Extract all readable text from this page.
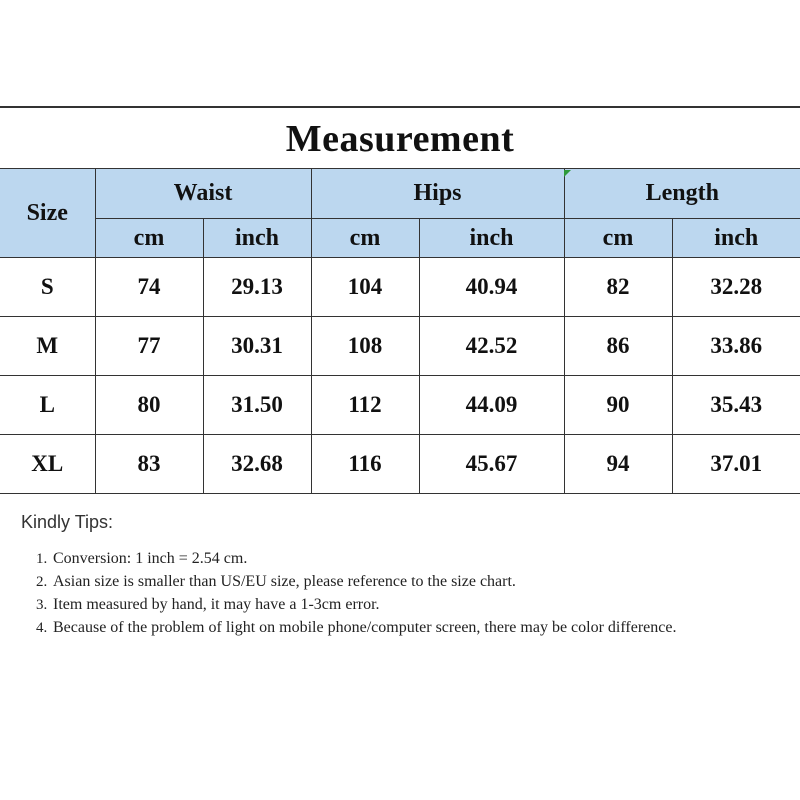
Measurement
Size	Waist		Hips		Length	
	cm	inch	cm	inch	cm	inch
S	74	29.13	104	40.94	82	32.28
M	77	30.31	108	42.52	86	33.86
L	80	31.50	112	44.09	90	35.43
XL	83	32.68	116	45.67	94	37.01
Kindly Tips:
1. Conversion: 1 inch = 2.54 cm.
2. Asian size is smaller than US/EU size, please reference to the size chart.
3. Item measured by hand, it may have a 1-3cm error.
4. Because of the problem of light on mobile phone/computer screen, there may be color difference.
